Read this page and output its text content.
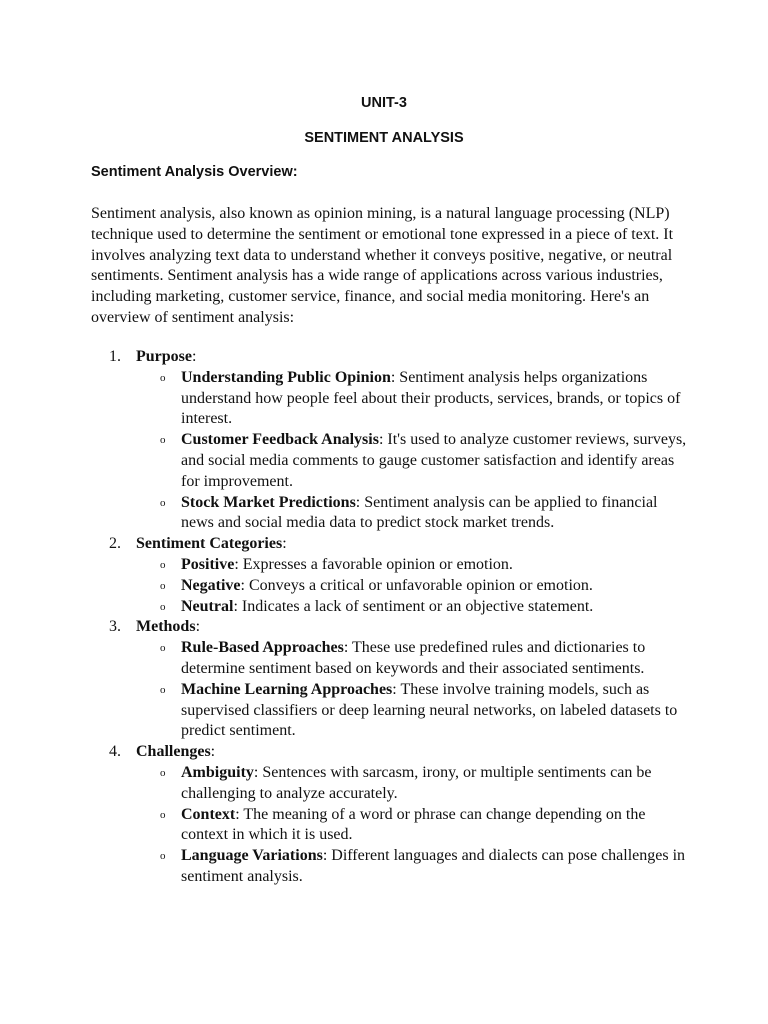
UNIT-3
SENTIMENT ANALYSIS
Sentiment Analysis Overview:

Sentiment analysis, also known as opinion mining, is a natural language processing (NLP) technique used to determine the sentiment or emotional tone expressed in a piece of text. It involves analyzing text data to understand whether it conveys positive, negative, or neutral sentiments. Sentiment analysis has a wide range of applications across various industries, including marketing, customer service, finance, and social media monitoring. Here's an overview of sentiment analysis:

1. Purpose:
o Understanding Public Opinion: Sentiment analysis helps organizations understand how people feel about their products, services, brands, or topics of interest.
o Customer Feedback Analysis: It's used to analyze customer reviews, surveys, and social media comments to gauge customer satisfaction and identify areas for improvement.
o Stock Market Predictions: Sentiment analysis can be applied to financial news and social media data to predict stock market trends.
2. Sentiment Categories:
o Positive: Expresses a favorable opinion or emotion.
o Negative: Conveys a critical or unfavorable opinion or emotion.
o Neutral: Indicates a lack of sentiment or an objective statement.
3. Methods:
o Rule-Based Approaches: These use predefined rules and dictionaries to determine sentiment based on keywords and their associated sentiments.
o Machine Learning Approaches: These involve training models, such as supervised classifiers or deep learning neural networks, on labeled datasets to predict sentiment.
4. Challenges:
o Ambiguity: Sentences with sarcasm, irony, or multiple sentiments can be challenging to analyze accurately.
o Context: The meaning of a word or phrase can change depending on the context in which it is used.
o Language Variations: Different languages and dialects can pose challenges in sentiment analysis.
